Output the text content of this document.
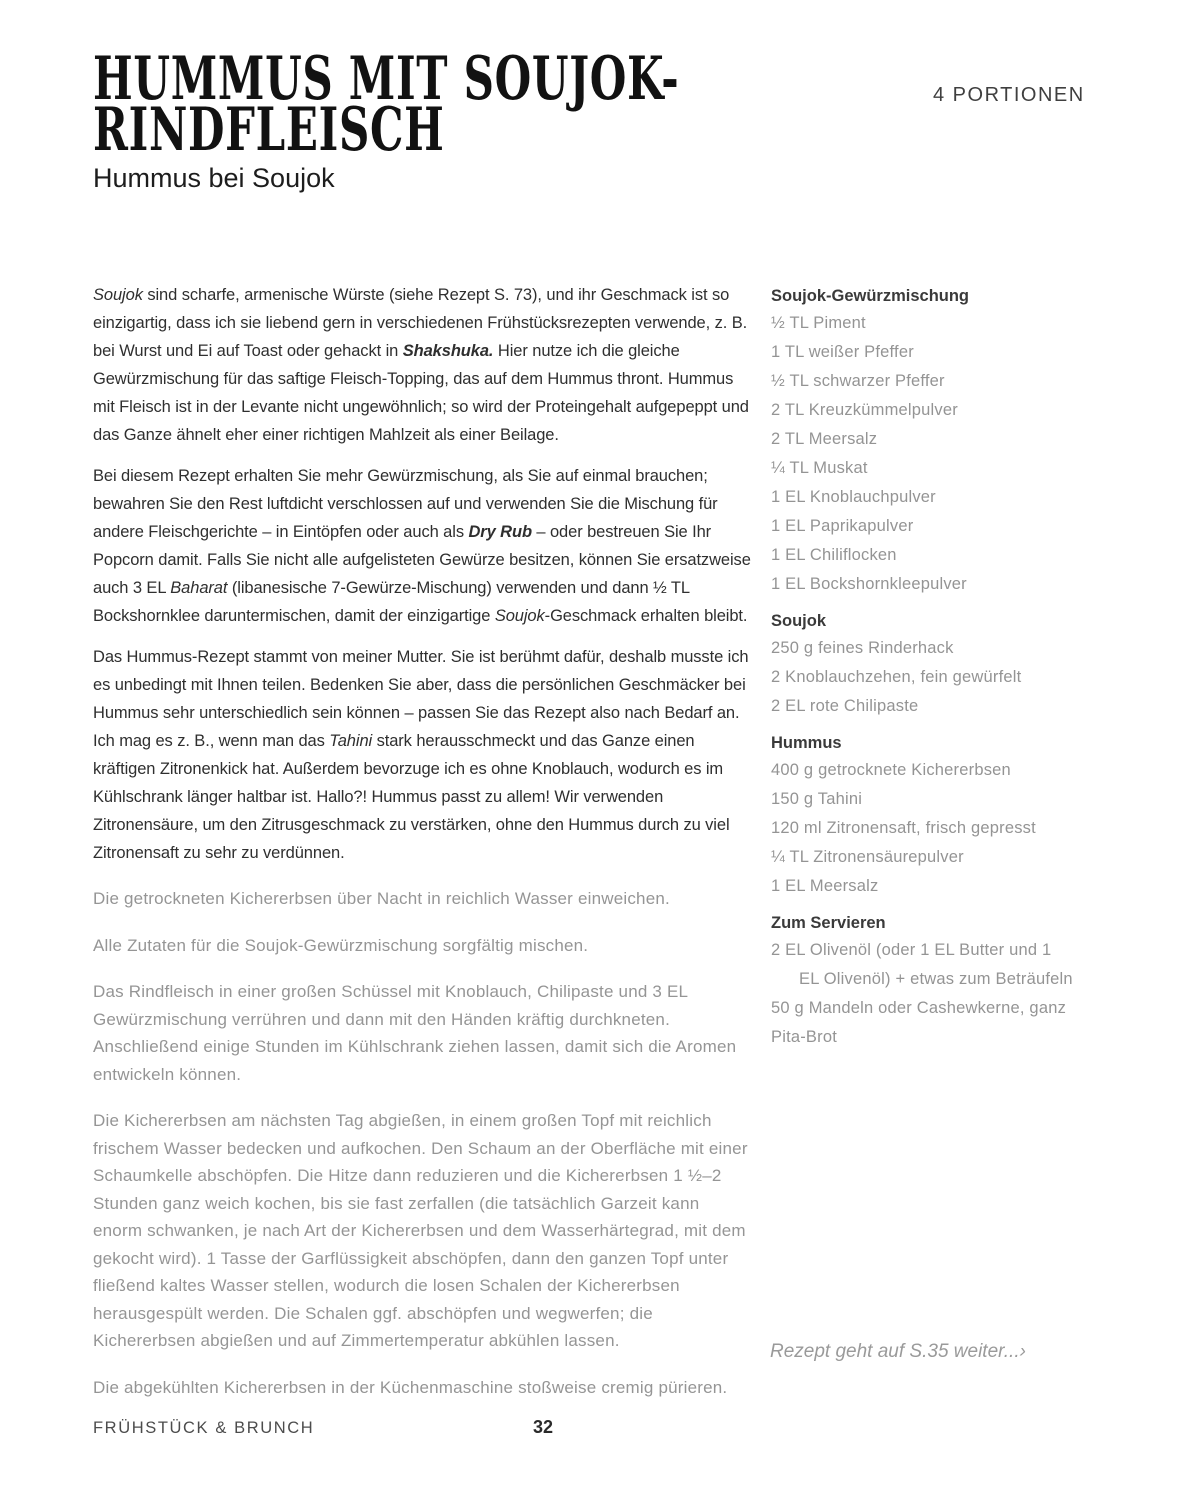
4 PORTIONEN
HUMMUS MIT SOUJOK-
RINDFLEISCH
Hummus bei Soujok

Soujok sind scharfe, armenische Würste (siehe Rezept S. 73), und ihr Geschmack ist so einzigartig, dass ich sie liebend gern in verschiedenen Frühstücksrezepten verwende, z. B. bei Wurst und Ei auf Toast oder gehackt in Shakshuka. Hier nutze ich die gleiche Gewürzmischung für das saftige Fleisch-Topping, das auf dem Hummus thront. Hummus mit Fleisch ist in der Levante nicht ungewöhnlich; so wird der Proteingehalt aufgepeppt und das Ganze ähnelt eher einer richtigen Mahlzeit als einer Beilage.

Bei diesem Rezept erhalten Sie mehr Gewürzmischung, als Sie auf einmal brauchen; bewahren Sie den Rest luftdicht verschlossen auf und verwenden Sie die Mischung für andere Fleischgerichte – in Eintöpfen oder auch als Dry Rub – oder bestreuen Sie Ihr Popcorn damit. Falls Sie nicht alle aufgelisteten Gewürze besitzen, können Sie ersatzweise auch 3 EL Baharat (libanesische 7-Gewürze-Mischung) verwenden und dann ½ TL Bockshornklee daruntermischen, damit der einzigartige Soujok-Geschmack erhalten bleibt.

Das Hummus-Rezept stammt von meiner Mutter. Sie ist berühmt dafür, deshalb musste ich es unbedingt mit Ihnen teilen. Bedenken Sie aber, dass die persönlichen Geschmäcker bei Hummus sehr unterschiedlich sein können – passen Sie das Rezept also nach Bedarf an. Ich mag es z. B., wenn man das Tahini stark herausschmeckt und das Ganze einen kräftigen Zitronenkick hat. Außerdem bevorzuge ich es ohne Knoblauch, wodurch es im Kühlschrank länger haltbar ist. Hallo?! Hummus passt zu allem! Wir verwenden Zitronensäure, um den Zitrusgeschmack zu verstärken, ohne den Hummus durch zu viel Zitronensaft zu sehr zu verdünnen.

Die getrockneten Kichererbsen über Nacht in reichlich Wasser einweichen.

Alle Zutaten für die Soujok-Gewürzmischung sorgfältig mischen.

Das Rindfleisch in einer großen Schüssel mit Knoblauch, Chilipaste und 3 EL Gewürzmischung verrühren und dann mit den Händen kräftig durchkneten. Anschließend einige Stunden im Kühlschrank ziehen lassen, damit sich die Aromen entwickeln können.

Die Kichererbsen am nächsten Tag abgießen, in einem großen Topf mit reichlich frischem Wasser bedecken und aufkochen. Den Schaum an der Oberfläche mit einer Schaumkelle abschöpfen. Die Hitze dann reduzieren und die Kichererbsen 1 ½–2 Stunden ganz weich kochen, bis sie fast zerfallen (die tatsächlich Garzeit kann enorm schwanken, je nach Art der Kichererbsen und dem Wasserhärtegrad, mit dem gekocht wird). 1 Tasse der Garflüssigkeit abschöpfen, dann den ganzen Topf unter fließend kaltes Wasser stellen, wodurch die losen Schalen der Kichererbsen herausgespült werden. Die Schalen ggf. abschöpfen und wegwerfen; die Kichererbsen abgießen und auf Zimmertemperatur abkühlen lassen.

Die abgekühlten Kichererbsen in der Küchenmaschine stoßweise cremig pürieren.

Soujok-Gewürzmischung
½ TL Piment
1 TL weißer Pfeffer
½ TL schwarzer Pfeffer
2 TL Kreuzkümmelpulver
2 TL Meersalz
¼ TL Muskat
1 EL Knoblauchpulver
1 EL Paprikapulver
1 EL Chiliflocken
1 EL Bockshornkleepulver
Soujok
250 g feines Rinderhack
2 Knoblauchzehen, fein gewürfelt
2 EL rote Chilipaste
Hummus
400 g getrocknete Kichererbsen
150 g Tahini
120 ml Zitronensaft, frisch gepresst
¼ TL Zitronensäurepulver
1 EL Meersalz
Zum Servieren
2 EL Olivenöl (oder 1 EL Butter und 1 EL Olivenöl) + etwas zum Beträufeln
50 g Mandeln oder Cashewkerne, ganz
Pita-Brot
Rezept geht auf S.35 weiter...›
FRÜHSTÜCK & BRUNCH	32
